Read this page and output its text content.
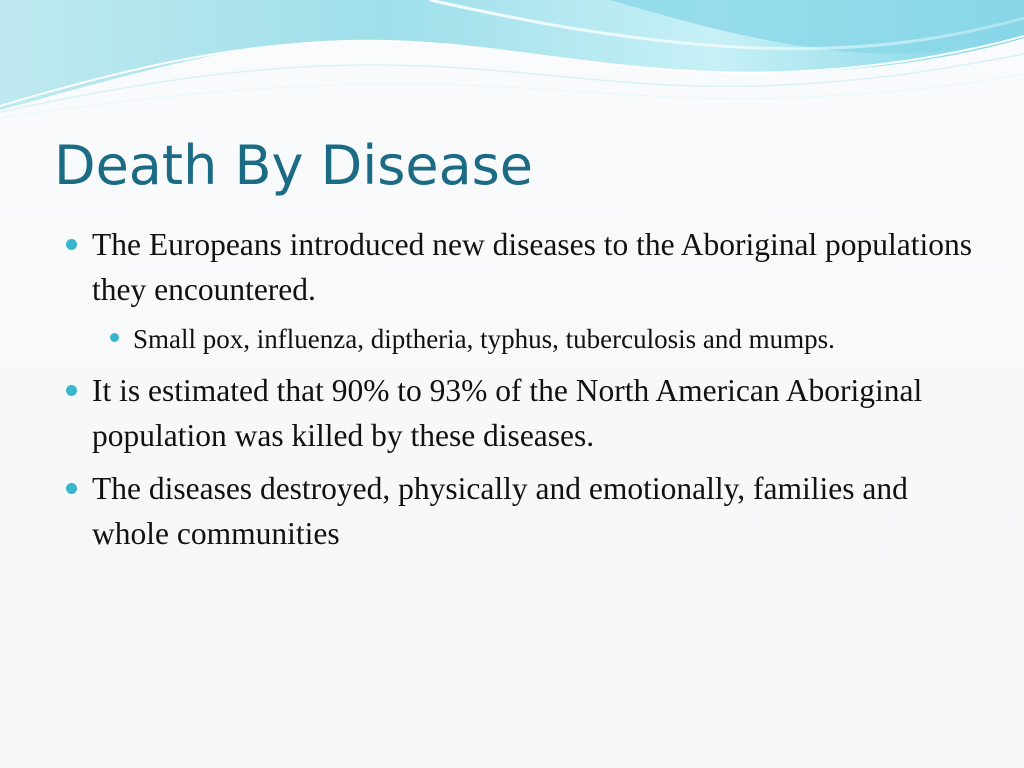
Death By Disease
The Europeans introduced new diseases to the Aboriginal populations they encountered.
Small pox, influenza, diptheria, typhus, tuberculosis and mumps.
It is estimated that 90% to 93% of the North American Aboriginal population was killed by these diseases.
The diseases destroyed, physically and emotionally, families and whole communities
